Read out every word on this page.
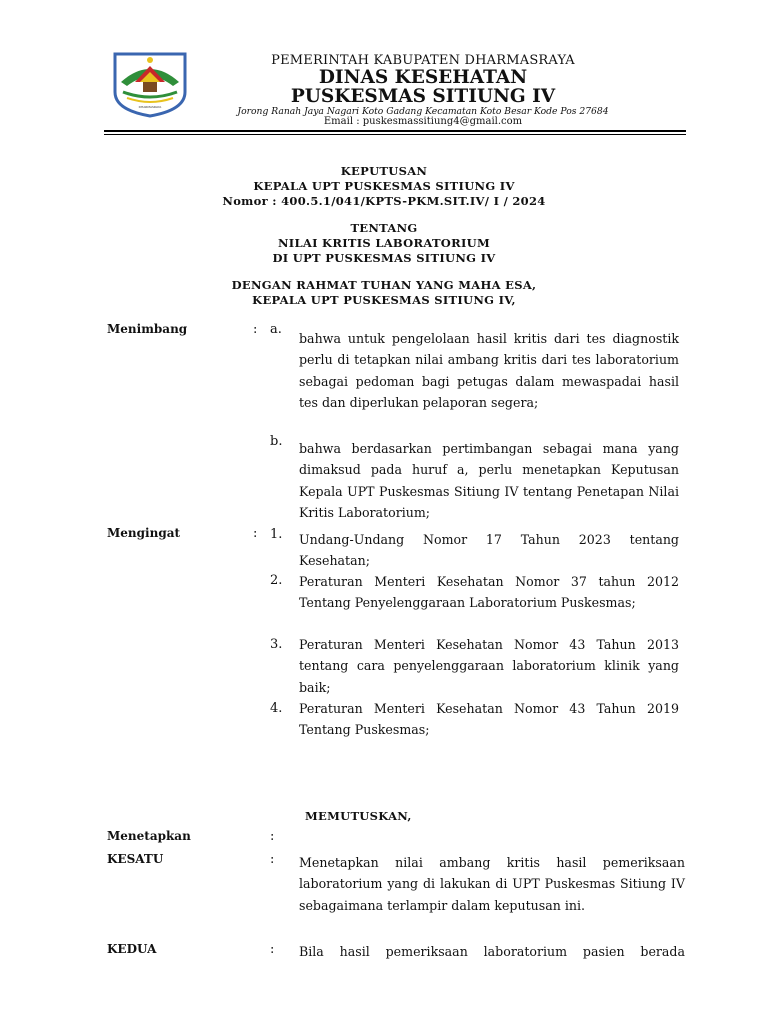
DHARMASRAYA
PEMERINTAH KABUPATEN DHARMASRAYA
DINAS KESEHATAN
PUSKESMAS SITIUNG IV
Jorong Ranah Jaya Nagari Koto Gadang Kecamatan Koto Besar Kode Pos 27684
Email : puskesmassitiung4@gmail.com
KEPUTUSAN
KEPALA UPT PUSKESMAS SITIUNG IV
Nomor : 400.5.1/041/KPTS-PKM.SIT.IV/ I / 2024
TENTANG
NILAI KRITIS LABORATORIUM
DI UPT PUSKESMAS SITIUNG IV
DENGAN RAHMAT TUHAN YANG MAHA ESA,
KEPALA UPT PUSKESMAS SITIUNG IV,
Menimbang	: a.
bahwa untuk pengelolaan hasil kritis dari tes diagnostik perlu di tetapkan nilai ambang kritis dari tes laboratorium sebagai pedoman bagi petugas dalam mewaspadai hasil tes dan diperlukan pelaporan segera;
b. bahwa berdasarkan pertimbangan sebagai mana yang dimaksud pada huruf a, perlu menetapkan Keputusan Kepala UPT Puskesmas Sitiung IV tentang Penetapan Nilai Kritis Laboratorium;
Mengingat	: 1. Undang-Undang Nomor 17 Tahun 2023 tentang Kesehatan;
2. Peraturan Menteri Kesehatan Nomor 37 tahun 2012 Tentang Penyelenggaraan Laboratorium Puskesmas;
3. Peraturan Menteri Kesehatan Nomor 43 Tahun 2013 tentang cara penyelenggaraan laboratorium klinik yang baik;
4. Peraturan Menteri Kesehatan Nomor 43 Tahun 2019 Tentang Puskesmas;
MEMUTUSKAN,
Menetapkan	:
KESATU	: Menetapkan nilai ambang kritis hasil pemeriksaan laboratorium yang di lakukan di UPT Puskesmas Sitiung IV sebagaimana terlampir dalam keputusan ini.
KEDUA	: Bila hasil pemeriksaan laboratorium pasien berada
